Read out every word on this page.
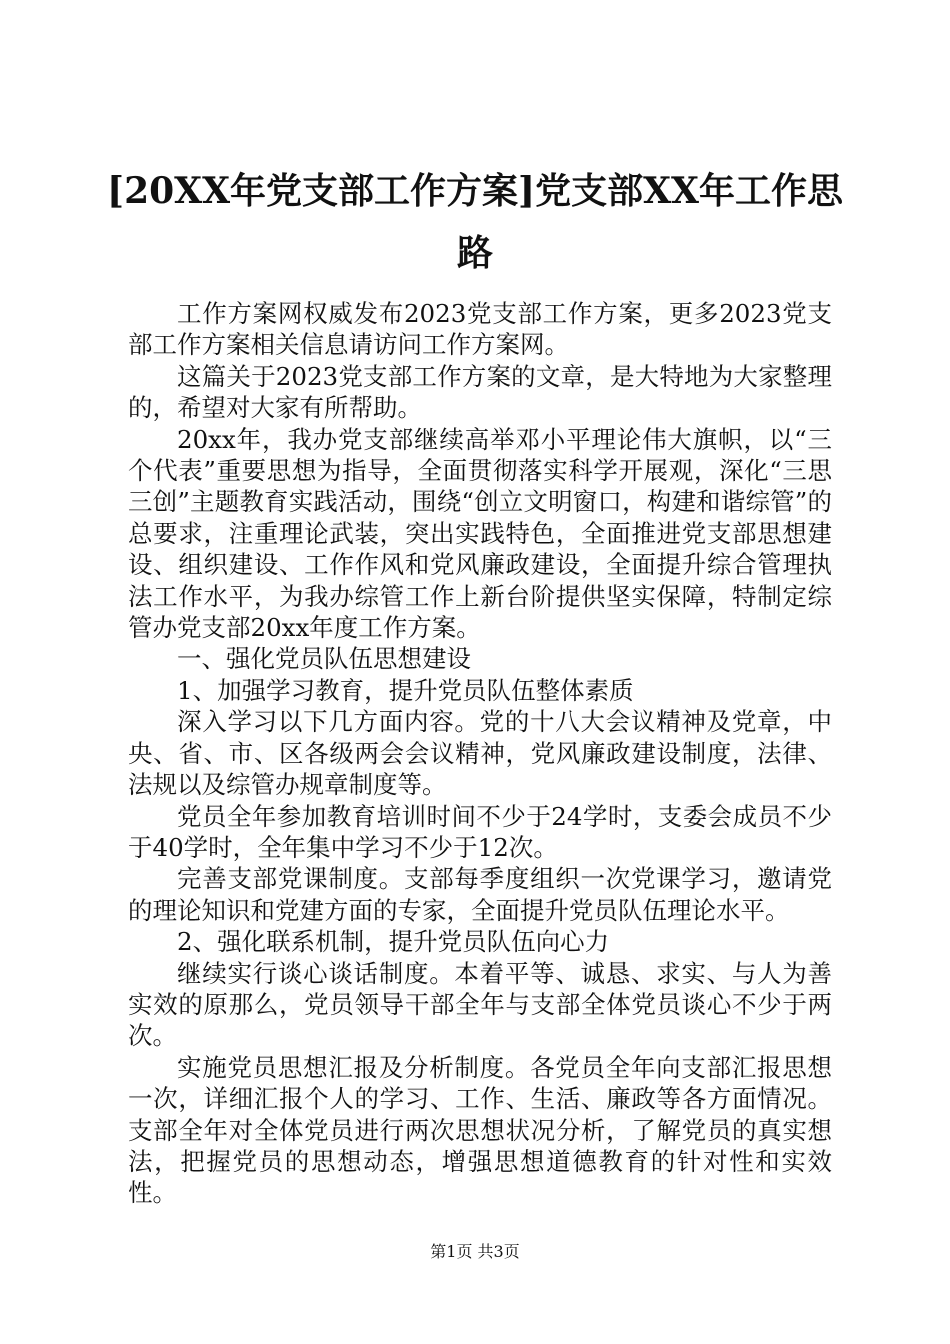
[20XX年党支部工作方案]党支部XX年工作思路

工作方案网权威发布2023党支部工作方案，更多2023党支部工作方案相关信息请访问工作方案网。

这篇关于2023党支部工作方案的文章，是大特地为大家整理的，希望对大家有所帮助。

20xx年，我办党支部继续高举邓小平理论伟大旗帜，以“三个代表”重要思想为指导，全面贯彻落实科学开展观，深化“三思三创”主题教育实践活动，围绕“创立文明窗口，构建和谐综管”的总要求，注重理论武装，突出实践特色，全面推进党支部思想建设、组织建设、工作作风和党风廉政建设，全面提升综合管理执法工作水平，为我办综管工作上新台阶提供坚实保障，特制定综管办党支部20xx年度工作方案。

一、强化党员队伍思想建设

1、加强学习教育，提升党员队伍整体素质

深入学习以下几方面内容。党的十八大会议精神及党章，中央、省、市、区各级两会会议精神，党风廉政建设制度，法律、法规以及综管办规章制度等。

党员全年参加教育培训时间不少于24学时，支委会成员不少于40学时，全年集中学习不少于12次。

完善支部党课制度。支部每季度组织一次党课学习，邀请党的理论知识和党建方面的专家，全面提升党员队伍理论水平。

2、强化联系机制，提升党员队伍向心力

继续实行谈心谈话制度。本着平等、诚恳、求实、与人为善实效的原那么，党员领导干部全年与支部全体党员谈心不少于两次。

实施党员思想汇报及分析制度。各党员全年向支部汇报思想一次，详细汇报个人的学习、工作、生活、廉政等各方面情况。支部全年对全体党员进行两次思想状况分析，了解党员的真实想法，把握党员的思想动态，增强思想道德教育的针对性和实效性。

第1页 共3页
